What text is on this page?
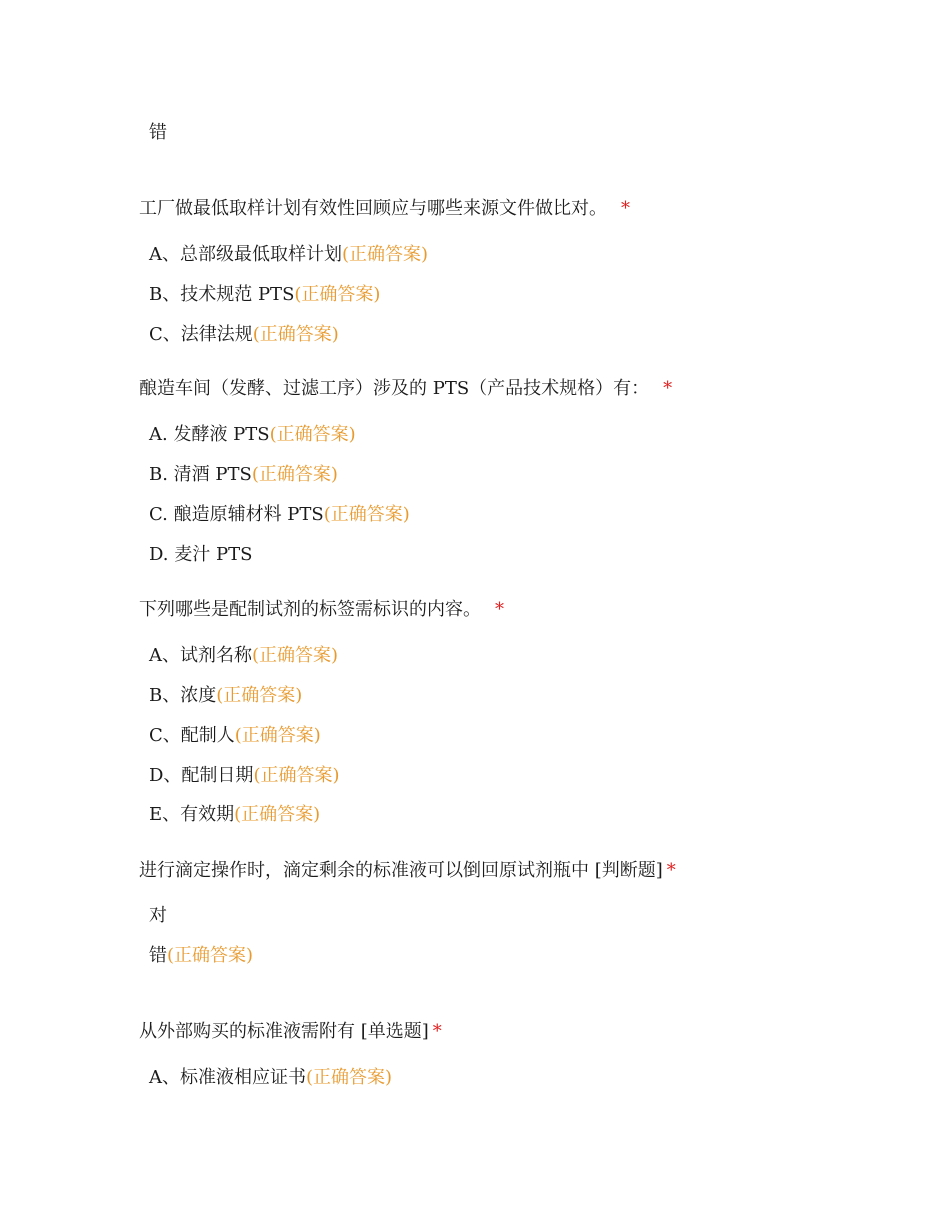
错
工厂做最低取样计划有效性回顾应与哪些来源文件做比对。 *
A、总部级最低取样计划(正确答案)
B、技术规范 PTS(正确答案)
C、法律法规(正确答案)
酿造车间（发酵、过滤工序）涉及的 PTS（产品技术规格）有： *
A. 发酵液 PTS(正确答案)
B. 清酒 PTS(正确答案)
C. 酿造原辅材料 PTS(正确答案)
D. 麦汁 PTS
下列哪些是配制试剂的标签需标识的内容。 *
A、试剂名称(正确答案)
B、浓度(正确答案)
C、配制人(正确答案)
D、配制日期(正确答案)
E、有效期(正确答案)
进行滴定操作时，滴定剩余的标准液可以倒回原试剂瓶中 [判断题] *
对
错(正确答案)
从外部购买的标准液需附有 [单选题] *
A、标准液相应证书(正确答案)
